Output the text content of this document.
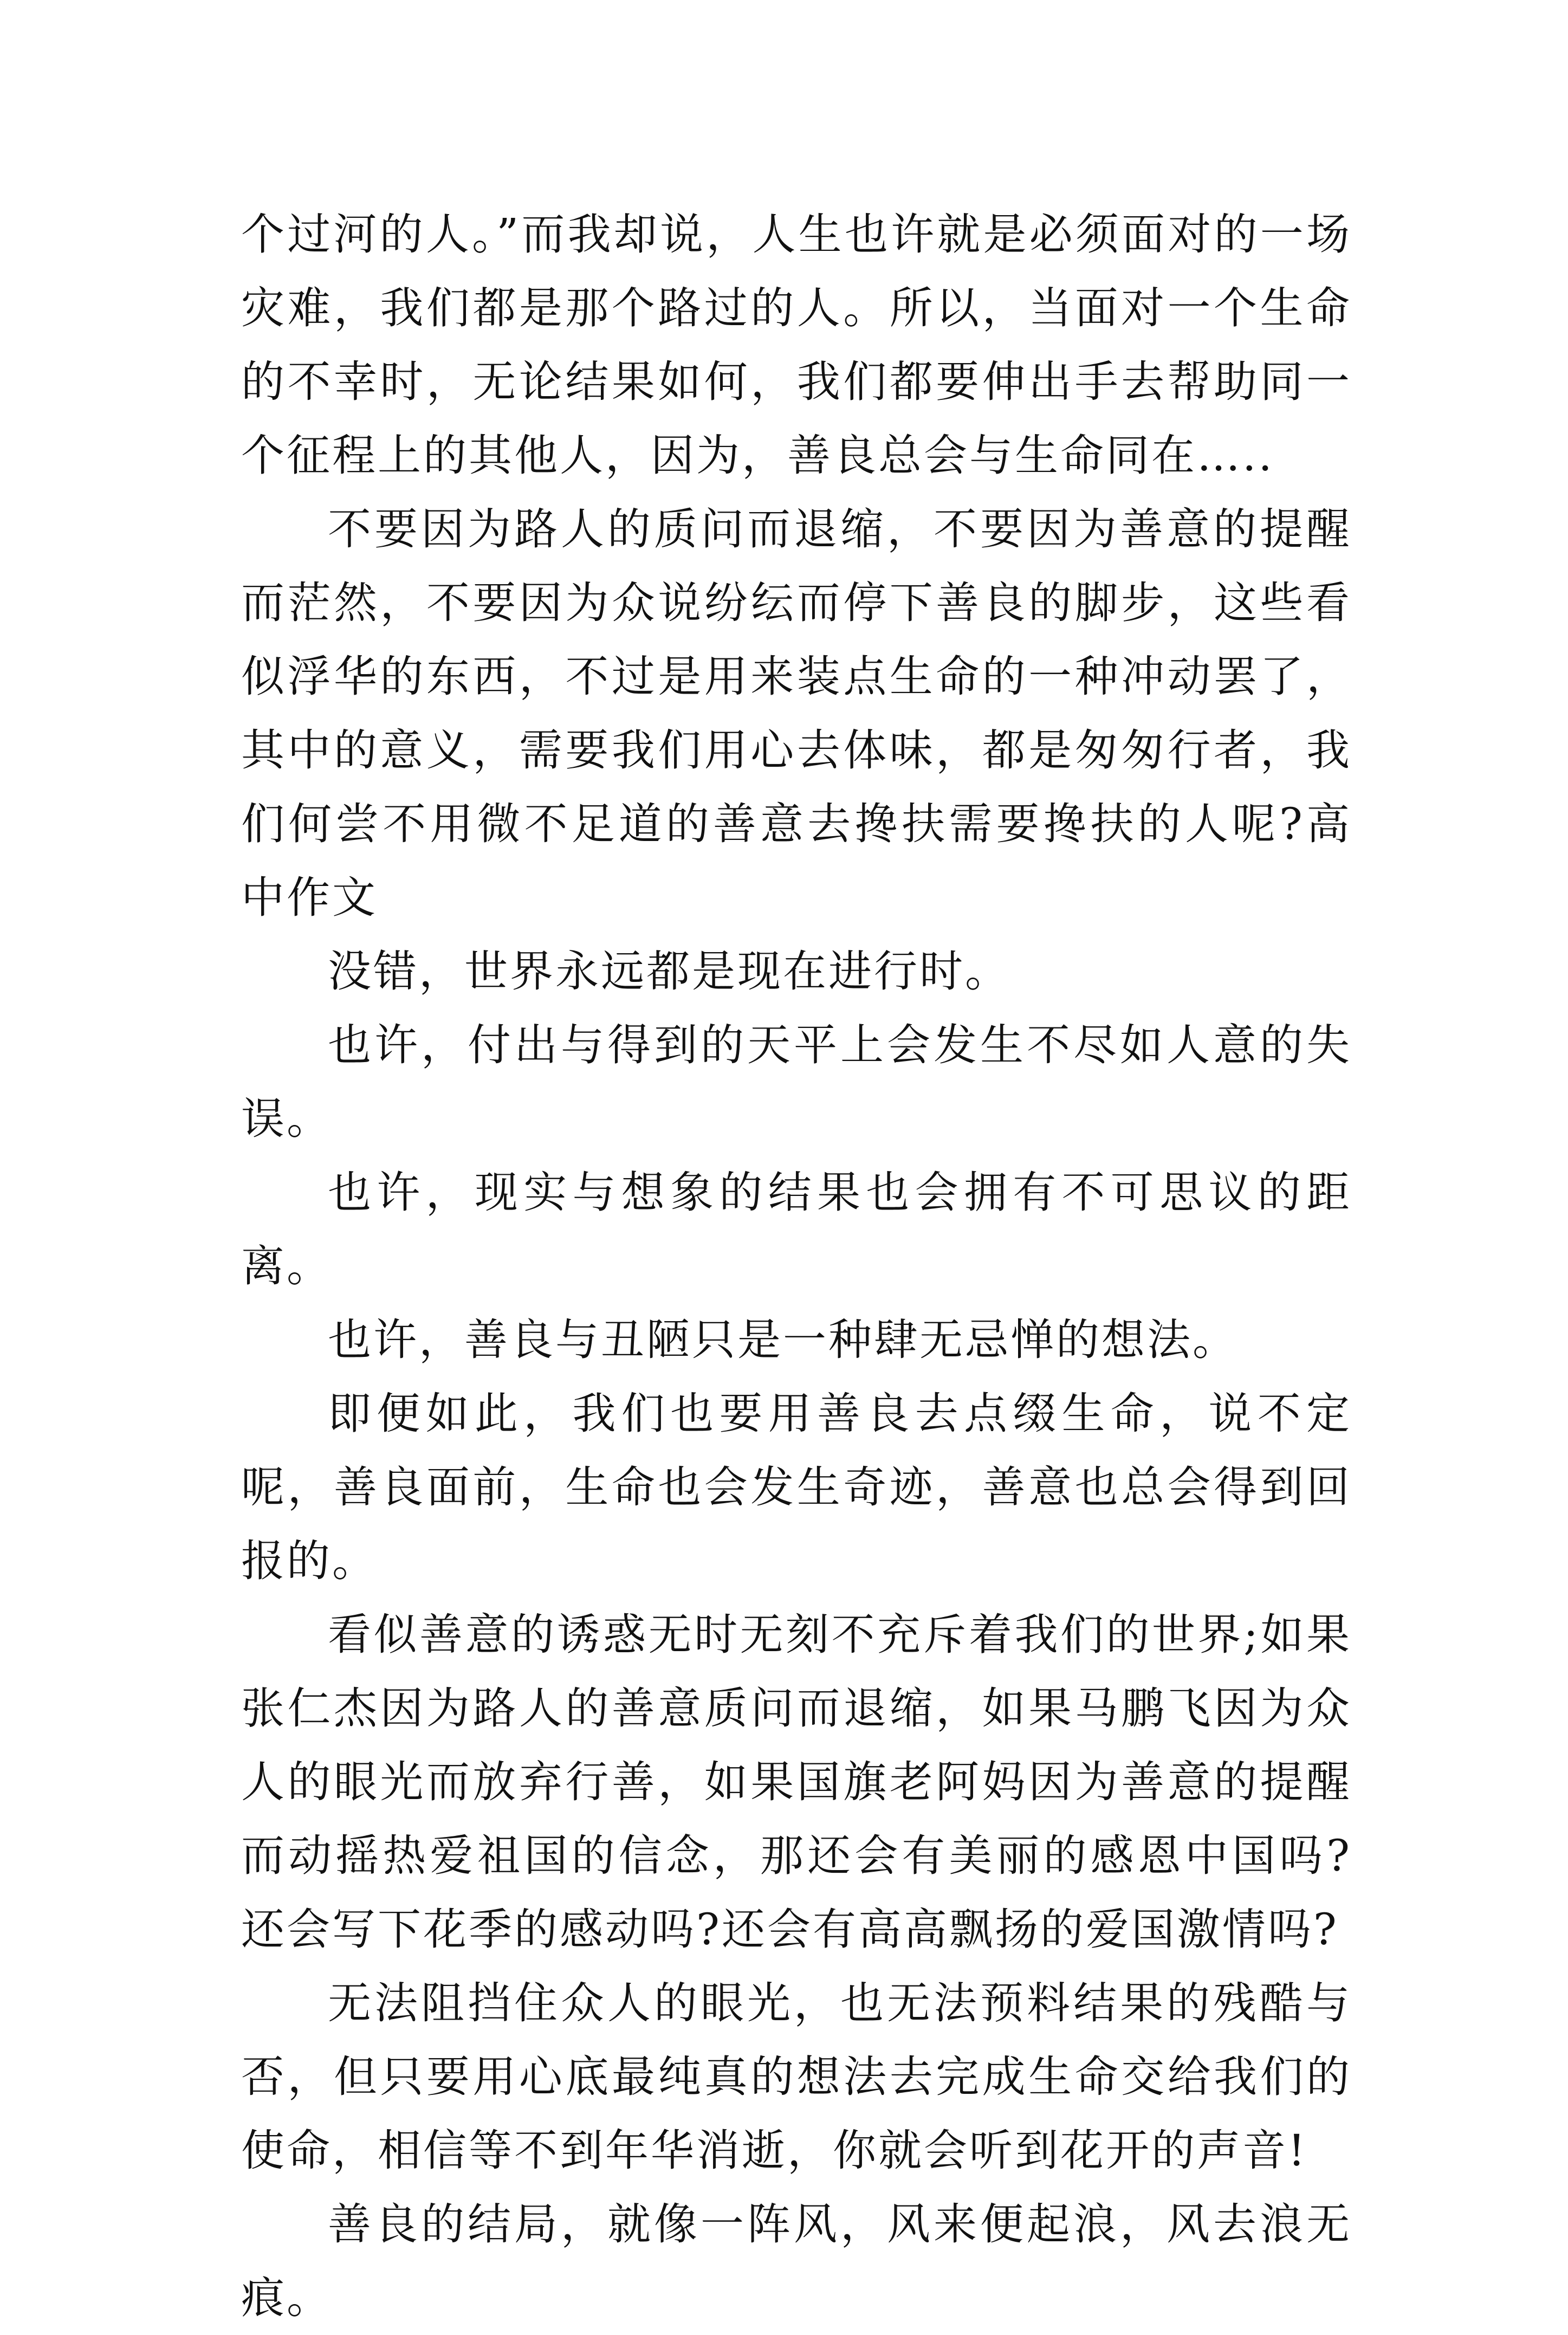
个过河的人。”而我却说，人生也许就是必须面对的一场灾难，我们都是那个路过的人。所以，当面对一个生命的不幸时，无论结果如何，我们都要伸出手去帮助同一个征程上的其他人，因为，善良总会与生命同在…..

不要因为路人的质问而退缩，不要因为善意的提醒而茫然，不要因为众说纷纭而停下善良的脚步，这些看似浮华的东西，不过是用来装点生命的一种冲动罢了，其中的意义，需要我们用心去体味，都是匆匆行者，我们何尝不用微不足道的善意去搀扶需要搀扶的人呢?高中作文

没错，世界永远都是现在进行时。

也许，付出与得到的天平上会发生不尽如人意的失误。

也许，现实与想象的结果也会拥有不可思议的距离。

也许，善良与丑陋只是一种肆无忌惮的想法。

即便如此，我们也要用善良去点缀生命，说不定呢，善良面前，生命也会发生奇迹，善意也总会得到回报的。

看似善意的诱惑无时无刻不充斥着我们的世界;如果张仁杰因为路人的善意质问而退缩，如果马鹏飞因为众人的眼光而放弃行善，如果国旗老阿妈因为善意的提醒而动摇热爱祖国的信念，那还会有美丽的感恩中国吗?还会写下花季的感动吗?还会有高高飘扬的爱国激情吗?

无法阻挡住众人的眼光，也无法预料结果的残酷与否，但只要用心底最纯真的想法去完成生命交给我们的使命，相信等不到年华消逝，你就会听到花开的声音!

善良的结局，就像一阵风，风来便起浪，风去浪无痕。
